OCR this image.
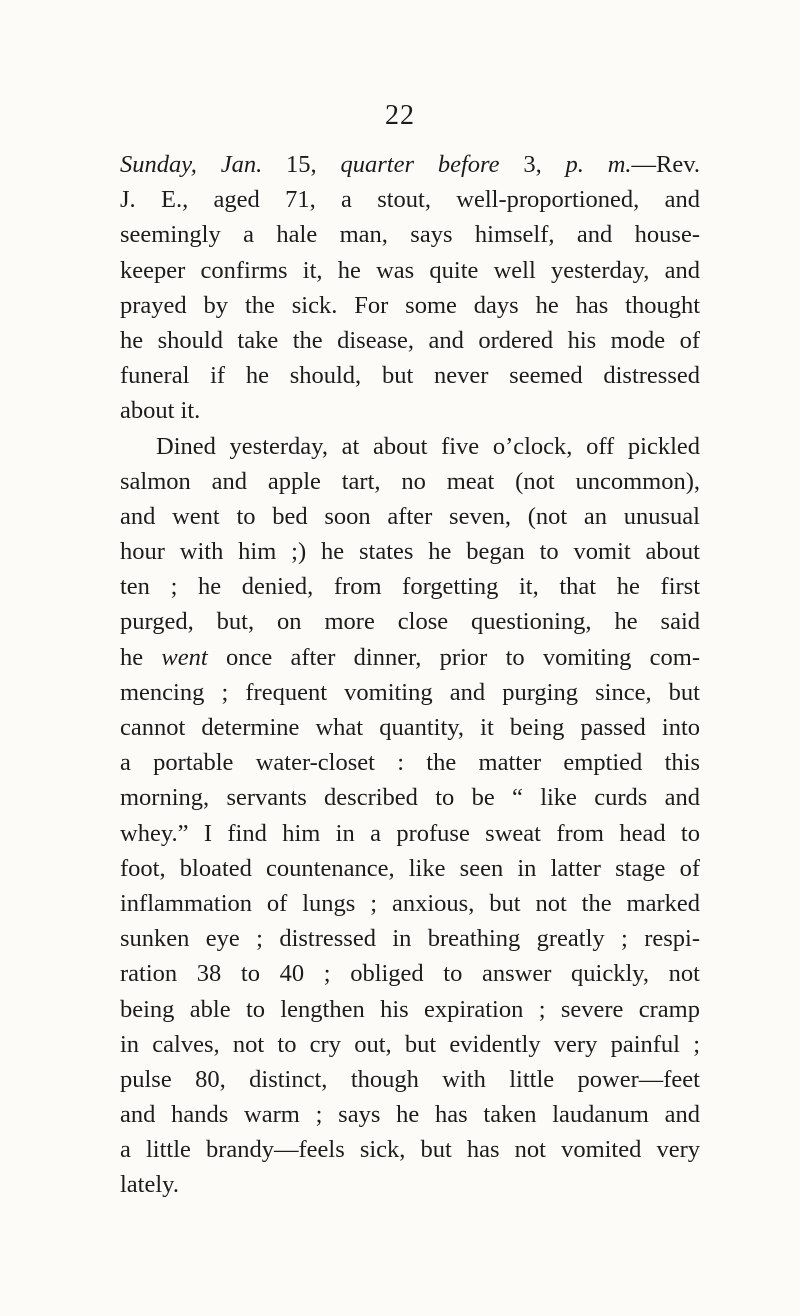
22
Sunday, Jan. 15, quarter before 3, p. m.—Rev.
J. E., aged 71, a stout, well-proportioned, and
seemingly a hale man, says himself, and house-
keeper confirms it, he was quite well yesterday, and
prayed by the sick. For some days he has thought
he should take the disease, and ordered his mode of
funeral if he should, but never seemed distressed
about it.
Dined yesterday, at about five o’clock, off pickled
salmon and apple tart, no meat (not uncommon),
and went to bed soon after seven, (not an unusual
hour with him ;) he states he began to vomit about
ten ; he denied, from forgetting it, that he first
purged, but, on more close questioning, he said
he went once after dinner, prior to vomiting com-
mencing ; frequent vomiting and purging since, but
cannot determine what quantity, it being passed into
a portable water-closet : the matter emptied this
morning, servants described to be “ like curds and
whey.” I find him in a profuse sweat from head to
foot, bloated countenance, like seen in latter stage of
inflammation of lungs ; anxious, but not the marked
sunken eye ; distressed in breathing greatly ; respi-
ration 38 to 40 ; obliged to answer quickly, not
being able to lengthen his expiration ; severe cramp
in calves, not to cry out, but evidently very painful ;
pulse 80, distinct, though with little power—feet
and hands warm ; says he has taken laudanum and
a little brandy—feels sick, but has not vomited very
lately.
